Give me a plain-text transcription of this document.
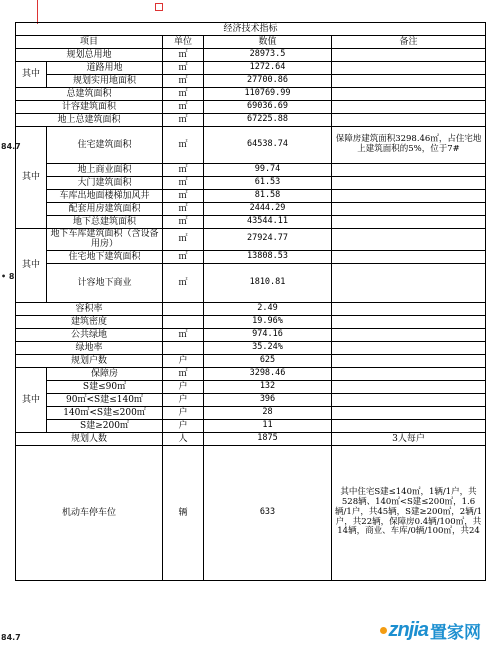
84.7
• 8
84.7
经济技术指标				
项目		单位	数值	备注
规划总用地		㎡	28973.5	
其中	道路用地	㎡	1272.64	
	规划实用地面积	㎡	27700.86	
总建筑面积		㎡	110769.99	
计容建筑面积		㎡	69036.69	
地上总建筑面积		㎡	67225.88	
其中	住宅建筑面积	㎡	64538.74	保障房建筑面积3298.46㎡，占住宅地上建筑面积的5%，位于7#
	地上商业面积	㎡	99.74	
	大门建筑面积	㎡	61.53	
	车库出地面楼梯加风井	㎡	81.58	
	配套用房建筑面积	㎡	2444.29	
	地下总建筑面积	㎡	43544.11	
其中	地下车库建筑面积（含设备用房）	㎡	27924.77	
	住宅地下建筑面积	㎡	13808.53	
	计容地下商业	㎡	1810.81	
容积率			2.49	
建筑密度			19.96%	
公共绿地		㎡	974.16	
绿地率			35.24%	
规划户数		户	625	
其中	保障房	㎡	3298.46	
	S建≤90㎡	户	132	
	90㎡<S建≤140㎡	户	396	
	140㎡<S建≤200㎡	户	28	
	S建≥200㎡	户	11	
规划人数		人	1875	3人每户
机动车停车位		辆	633	其中住宅S建≤140㎡，1辆/1户，共528辆、140㎡<S建≤200㎡，1.6辆/1户，共45辆，S建≥200㎡，2辆/1户，共22辆，保障房0.4辆/100㎡，共14辆，商业、车库/0辆/100㎡，共24
znjia 置家网
